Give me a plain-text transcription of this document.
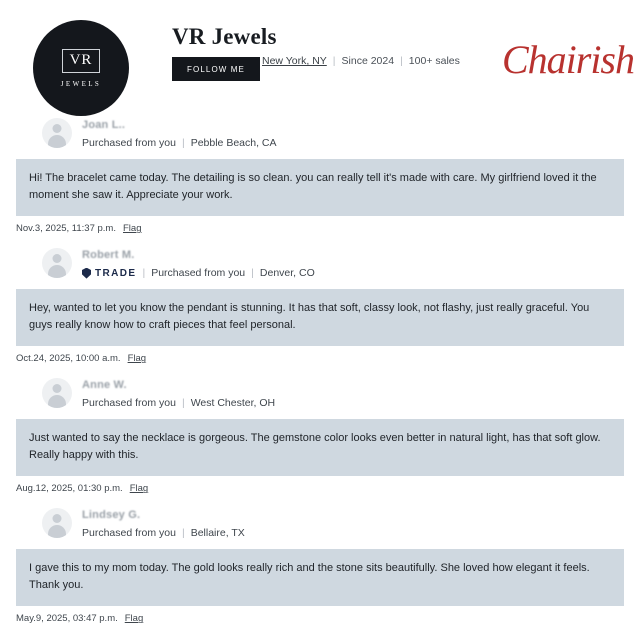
VR
JEWELS
VR Jewels
FOLLOW ME
New York, NY | Since 2024 | 100+ sales Chairish
Joan L..
Purchased from you | Pebble Beach, CA
Hi! The bracelet came today. The detailing is so clean. you can really tell it's made with care. My girlfriend loved it the moment she saw it. Appreciate your work.
Nov.3, 2025, 11:37 p.m. Flag
Robert M.
TRADE | Purchased from you | Denver, CO
Hey, wanted to let you know the pendant is stunning. It has that soft, classy look, not flashy, just really graceful. You guys really know how to craft pieces that feel personal.
Oct.24, 2025, 10:00 a.m. Flag
Anne W.
Purchased from you | West Chester, OH
Just wanted to say the necklace is gorgeous. The gemstone color looks even better in natural light, has that soft glow. Really happy with this.
Aug.12, 2025, 01:30 p.m. Flag
Lindsey G.
Purchased from you | Bellaire, TX
I gave this to my mom today. The gold looks really rich and the stone sits beautifully. She loved how elegant it feels. Thank you.
May.9, 2025, 03:47 p.m. Flag
